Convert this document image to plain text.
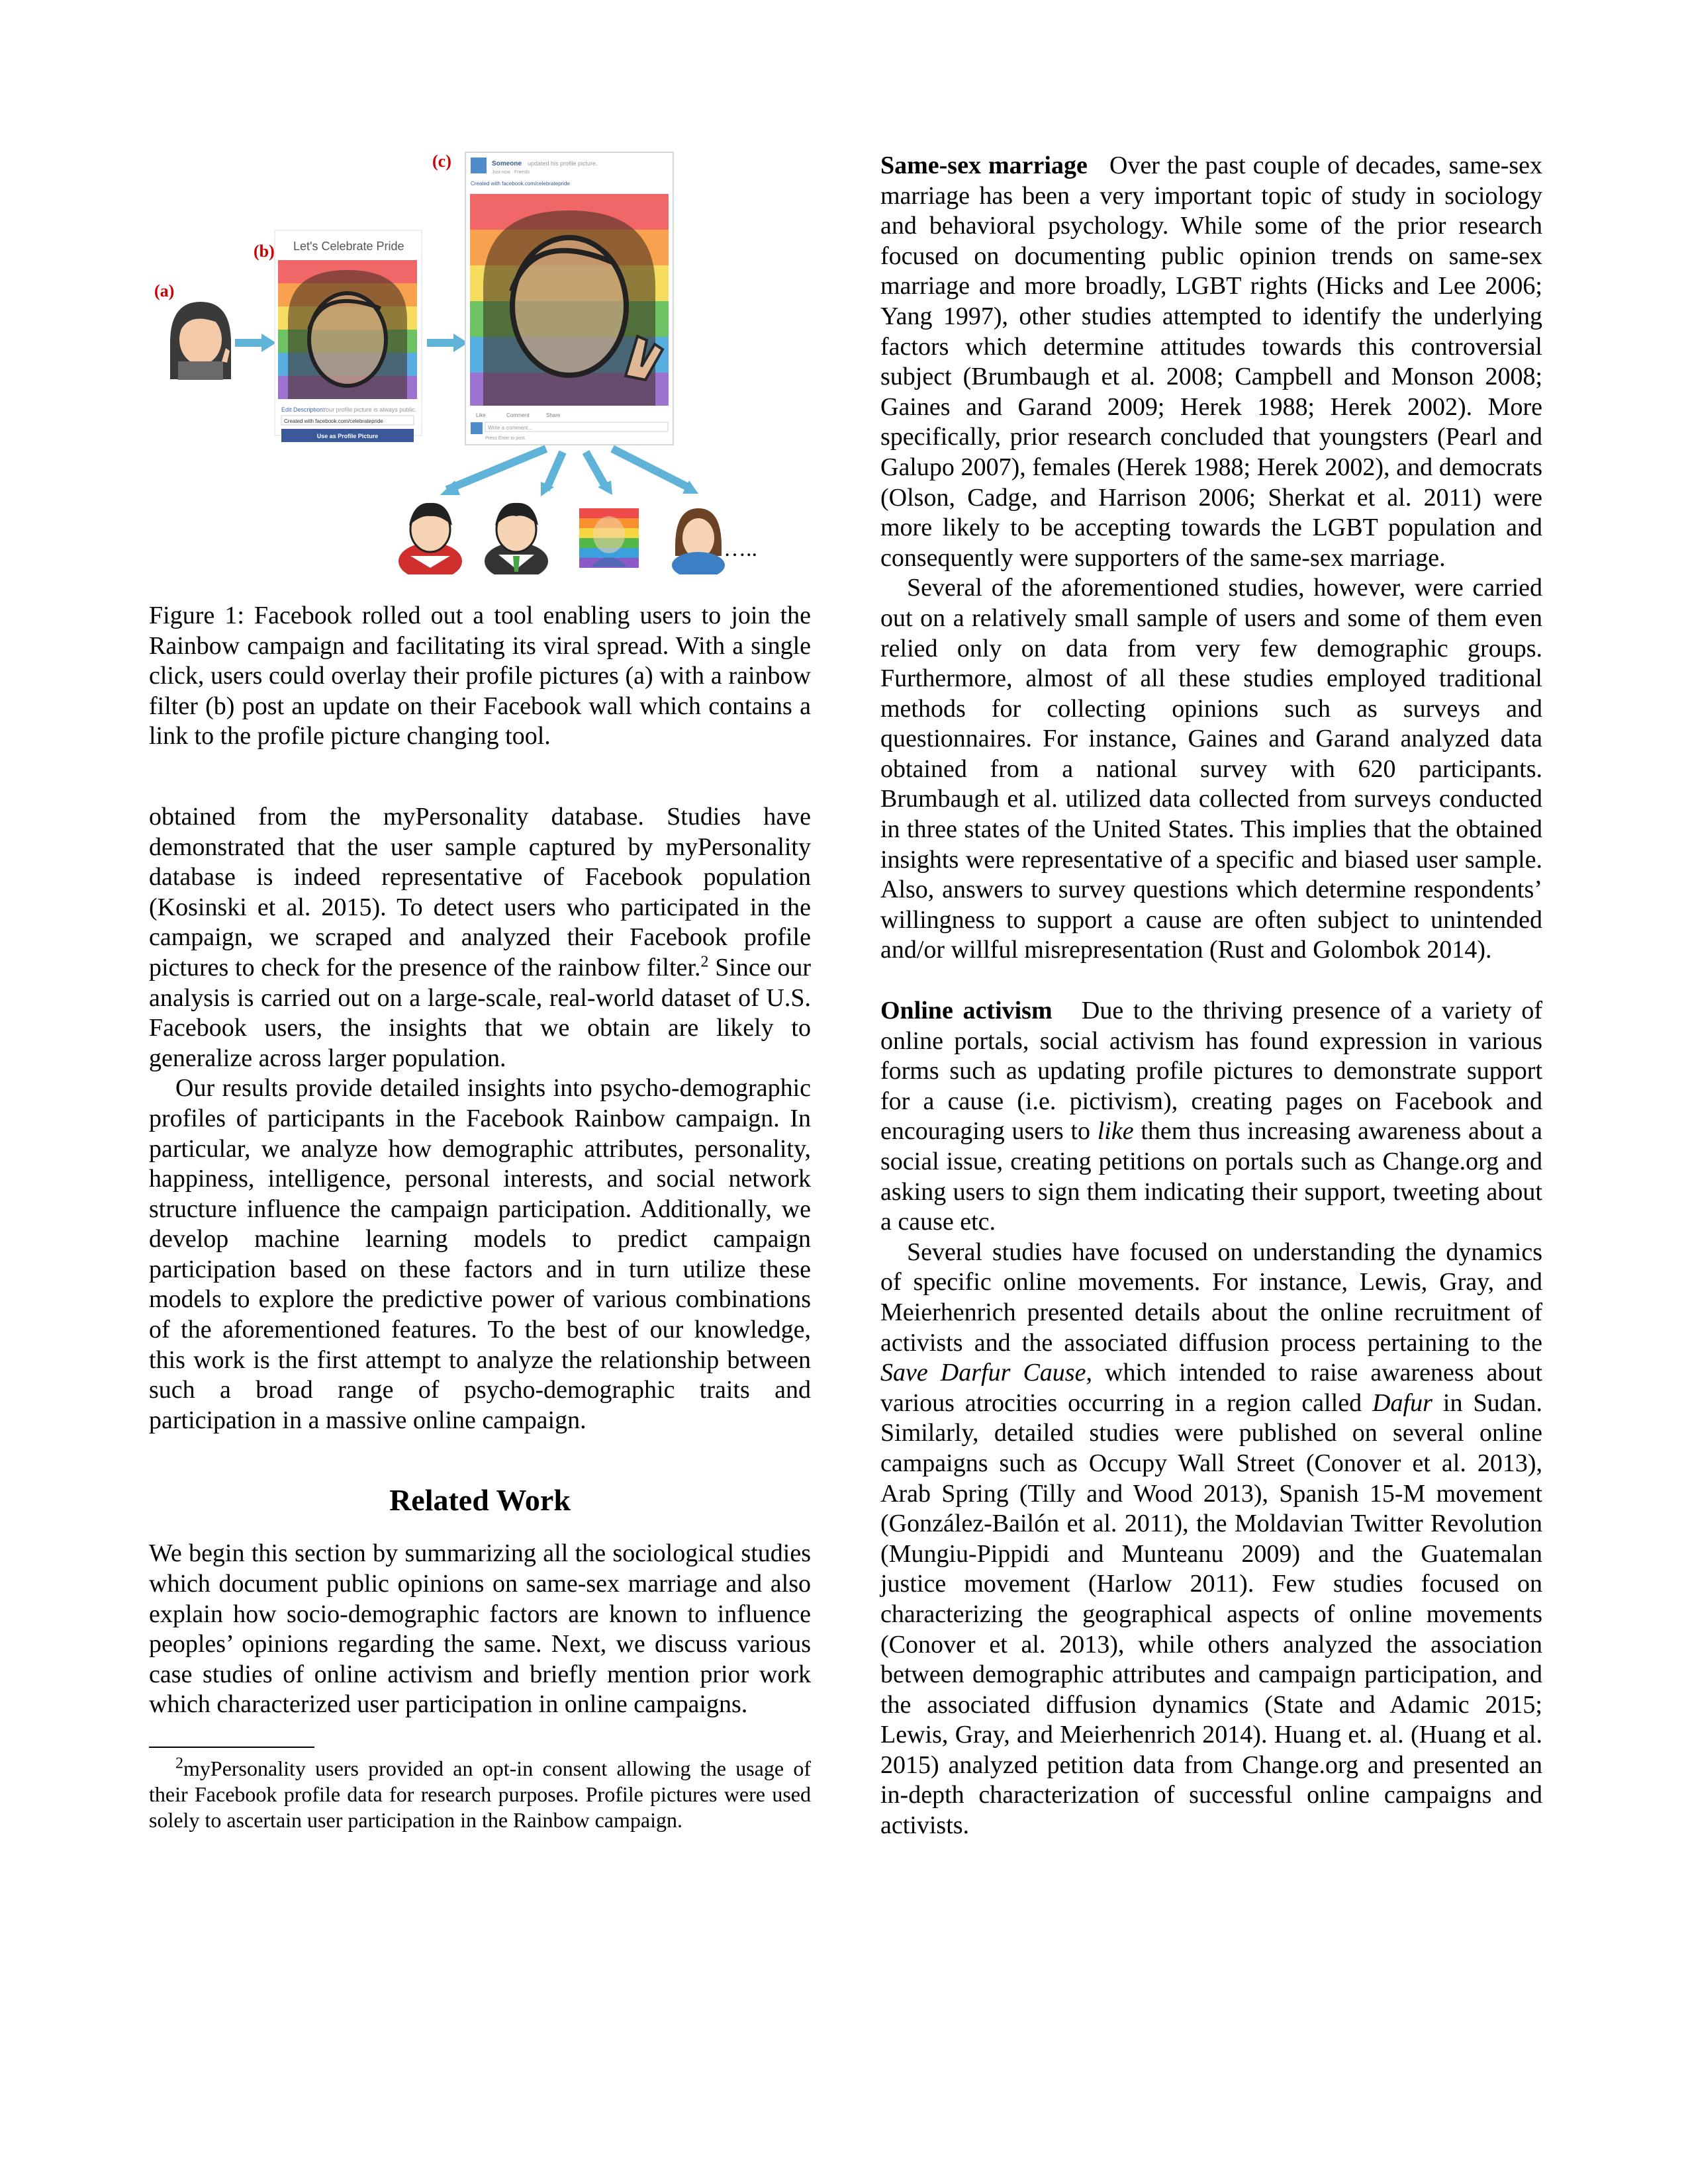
(a)
Let's Celebrate Pride
Edit Description:
Your profile picture is always public.
Created with facebook.com/celebratepride
Use as Profile Picture
(b)
Someone updated his profile picture.
Just now · Friends
Created with facebook.com/celebratepride
Like	Comment	Share
Write a comment...
Press Enter to post.
(c)
…..

Figure 1: Facebook rolled out a tool enabling users to join the Rainbow campaign and facilitating its viral spread. With a single click, users could overlay their profile pictures (a) with a rainbow filter (b) post an update on their Facebook wall which contains a link to the profile picture changing tool.

obtained from the myPersonality database. Studies have demonstrated that the user sample captured by myPersonality database is indeed representative of Facebook population (Kosinski et al. 2015). To detect users who participated in the campaign, we scraped and analyzed their Facebook profile pictures to check for the presence of the rainbow filter.$^2$ Since our analysis is carried out on a large-scale, real-world dataset of U.S. Facebook users, the insights that we obtain are likely to generalize across larger population.

Our results provide detailed insights into psycho-demographic profiles of participants in the Facebook Rainbow campaign. In particular, we analyze how demographic attributes, personality, happiness, intelligence, personal interests, and social network structure influence the campaign participation. Additionally, we develop machine learning models to predict campaign participation based on these factors and in turn utilize these models to explore the predictive power of various combinations of the aforementioned features. To the best of our knowledge, this work is the first attempt to analyze the relationship between such a broad range of psycho-demographic traits and participation in a massive online campaign.

Related Work

We begin this section by summarizing all the sociological studies which document public opinions on same-sex marriage and also explain how socio-demographic factors are known to influence peoples’ opinions regarding the same. Next, we discuss various case studies of online activism and briefly mention prior work which characterized user participation in online campaigns.

$^2$myPersonality users provided an opt-in consent allowing the usage of their Facebook profile data for research purposes. Profile pictures were used solely to ascertain user participation in the Rainbow campaign.

Same-sex marriage Over the past couple of decades, same-sex marriage has been a very important topic of study in sociology and behavioral psychology. While some of the prior research focused on documenting public opinion trends on same-sex marriage and more broadly, LGBT rights (Hicks and Lee 2006; Yang 1997), other studies attempted to identify the underlying factors which determine attitudes towards this controversial subject (Brumbaugh et al. 2008; Campbell and Monson 2008; Gaines and Garand 2009; Herek 1988; Herek 2002). More specifically, prior research concluded that youngsters (Pearl and Galupo 2007), females (Herek 1988; Herek 2002), and democrats (Olson, Cadge, and Harrison 2006; Sherkat et al. 2011) were more likely to be accepting towards the LGBT population and consequently were supporters of the same-sex marriage.

Several of the aforementioned studies, however, were carried out on a relatively small sample of users and some of them even relied only on data from very few demographic groups. Furthermore, almost of all these studies employed traditional methods for collecting opinions such as surveys and questionnaires. For instance, Gaines and Garand analyzed data obtained from a national survey with 620 participants. Brumbaugh et al. utilized data collected from surveys conducted in three states of the United States. This implies that the obtained insights were representative of a specific and biased user sample. Also, answers to survey questions which determine respondents’ willingness to support a cause are often subject to unintended and/or willful misrepresentation (Rust and Golombok 2014).

Online activism Due to the thriving presence of a variety of online portals, social activism has found expression in various forms such as updating profile pictures to demonstrate support for a cause (i.e. pictivism), creating pages on Facebook and encouraging users to like them thus increasing awareness about a social issue, creating petitions on portals such as Change.org and asking users to sign them indicating their support, tweeting about a cause etc.

Several studies have focused on understanding the dynamics of specific online movements. For instance, Lewis, Gray, and Meierhenrich presented details about the online recruitment of activists and the associated diffusion process pertaining to the Save Darfur Cause, which intended to raise awareness about various atrocities occurring in a region called Dafur in Sudan. Similarly, detailed studies were published on several online campaigns such as Occupy Wall Street (Conover et al. 2013), Arab Spring (Tilly and Wood 2013), Spanish 15-M movement (González-Bailón et al. 2011), the Moldavian Twitter Revolution (Mungiu-Pippidi and Munteanu 2009) and the Guatemalan justice movement (Harlow 2011). Few studies focused on characterizing the geographical aspects of online movements (Conover et al. 2013), while others analyzed the association between demographic attributes and campaign participation, and the associated diffusion dynamics (State and Adamic 2015; Lewis, Gray, and Meierhenrich 2014). Huang et. al. (Huang et al. 2015) analyzed petition data from Change.org and presented an in-depth characterization of successful online campaigns and activists.
